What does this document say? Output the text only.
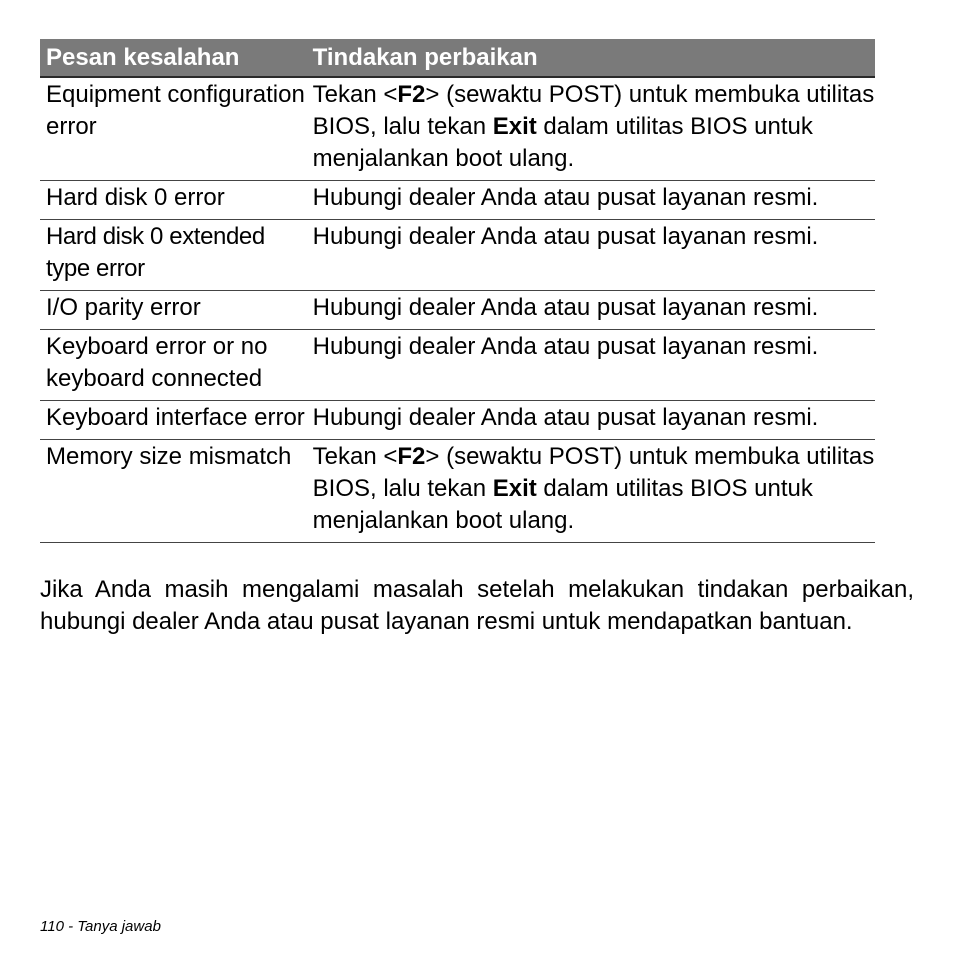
Pesan kesalahan	Tindakan perbaikan
Equipment configuration error	Tekan <F2> (sewaktu POST) untuk membuka utilitas BIOS, lalu tekan Exit dalam utilitas BIOS untuk menjalankan boot ulang.
Hard disk 0 error	Hubungi dealer Anda atau pusat layanan resmi.
Hard disk 0 extended type error	Hubungi dealer Anda atau pusat layanan resmi.
I/O parity error	Hubungi dealer Anda atau pusat layanan resmi.
Keyboard error or no keyboard connected	Hubungi dealer Anda atau pusat layanan resmi.
Keyboard interface error	Hubungi dealer Anda atau pusat layanan resmi.
Memory size mismatch	Tekan <F2> (sewaktu POST) untuk membuka utilitas BIOS, lalu tekan Exit dalam utilitas BIOS untuk menjalankan boot ulang.

Jika Anda masih mengalami masalah setelah melakukan tindakan perbaikan, hubungi dealer Anda atau pusat layanan resmi untuk mendapatkan bantuan.

110 - Tanya jawab
